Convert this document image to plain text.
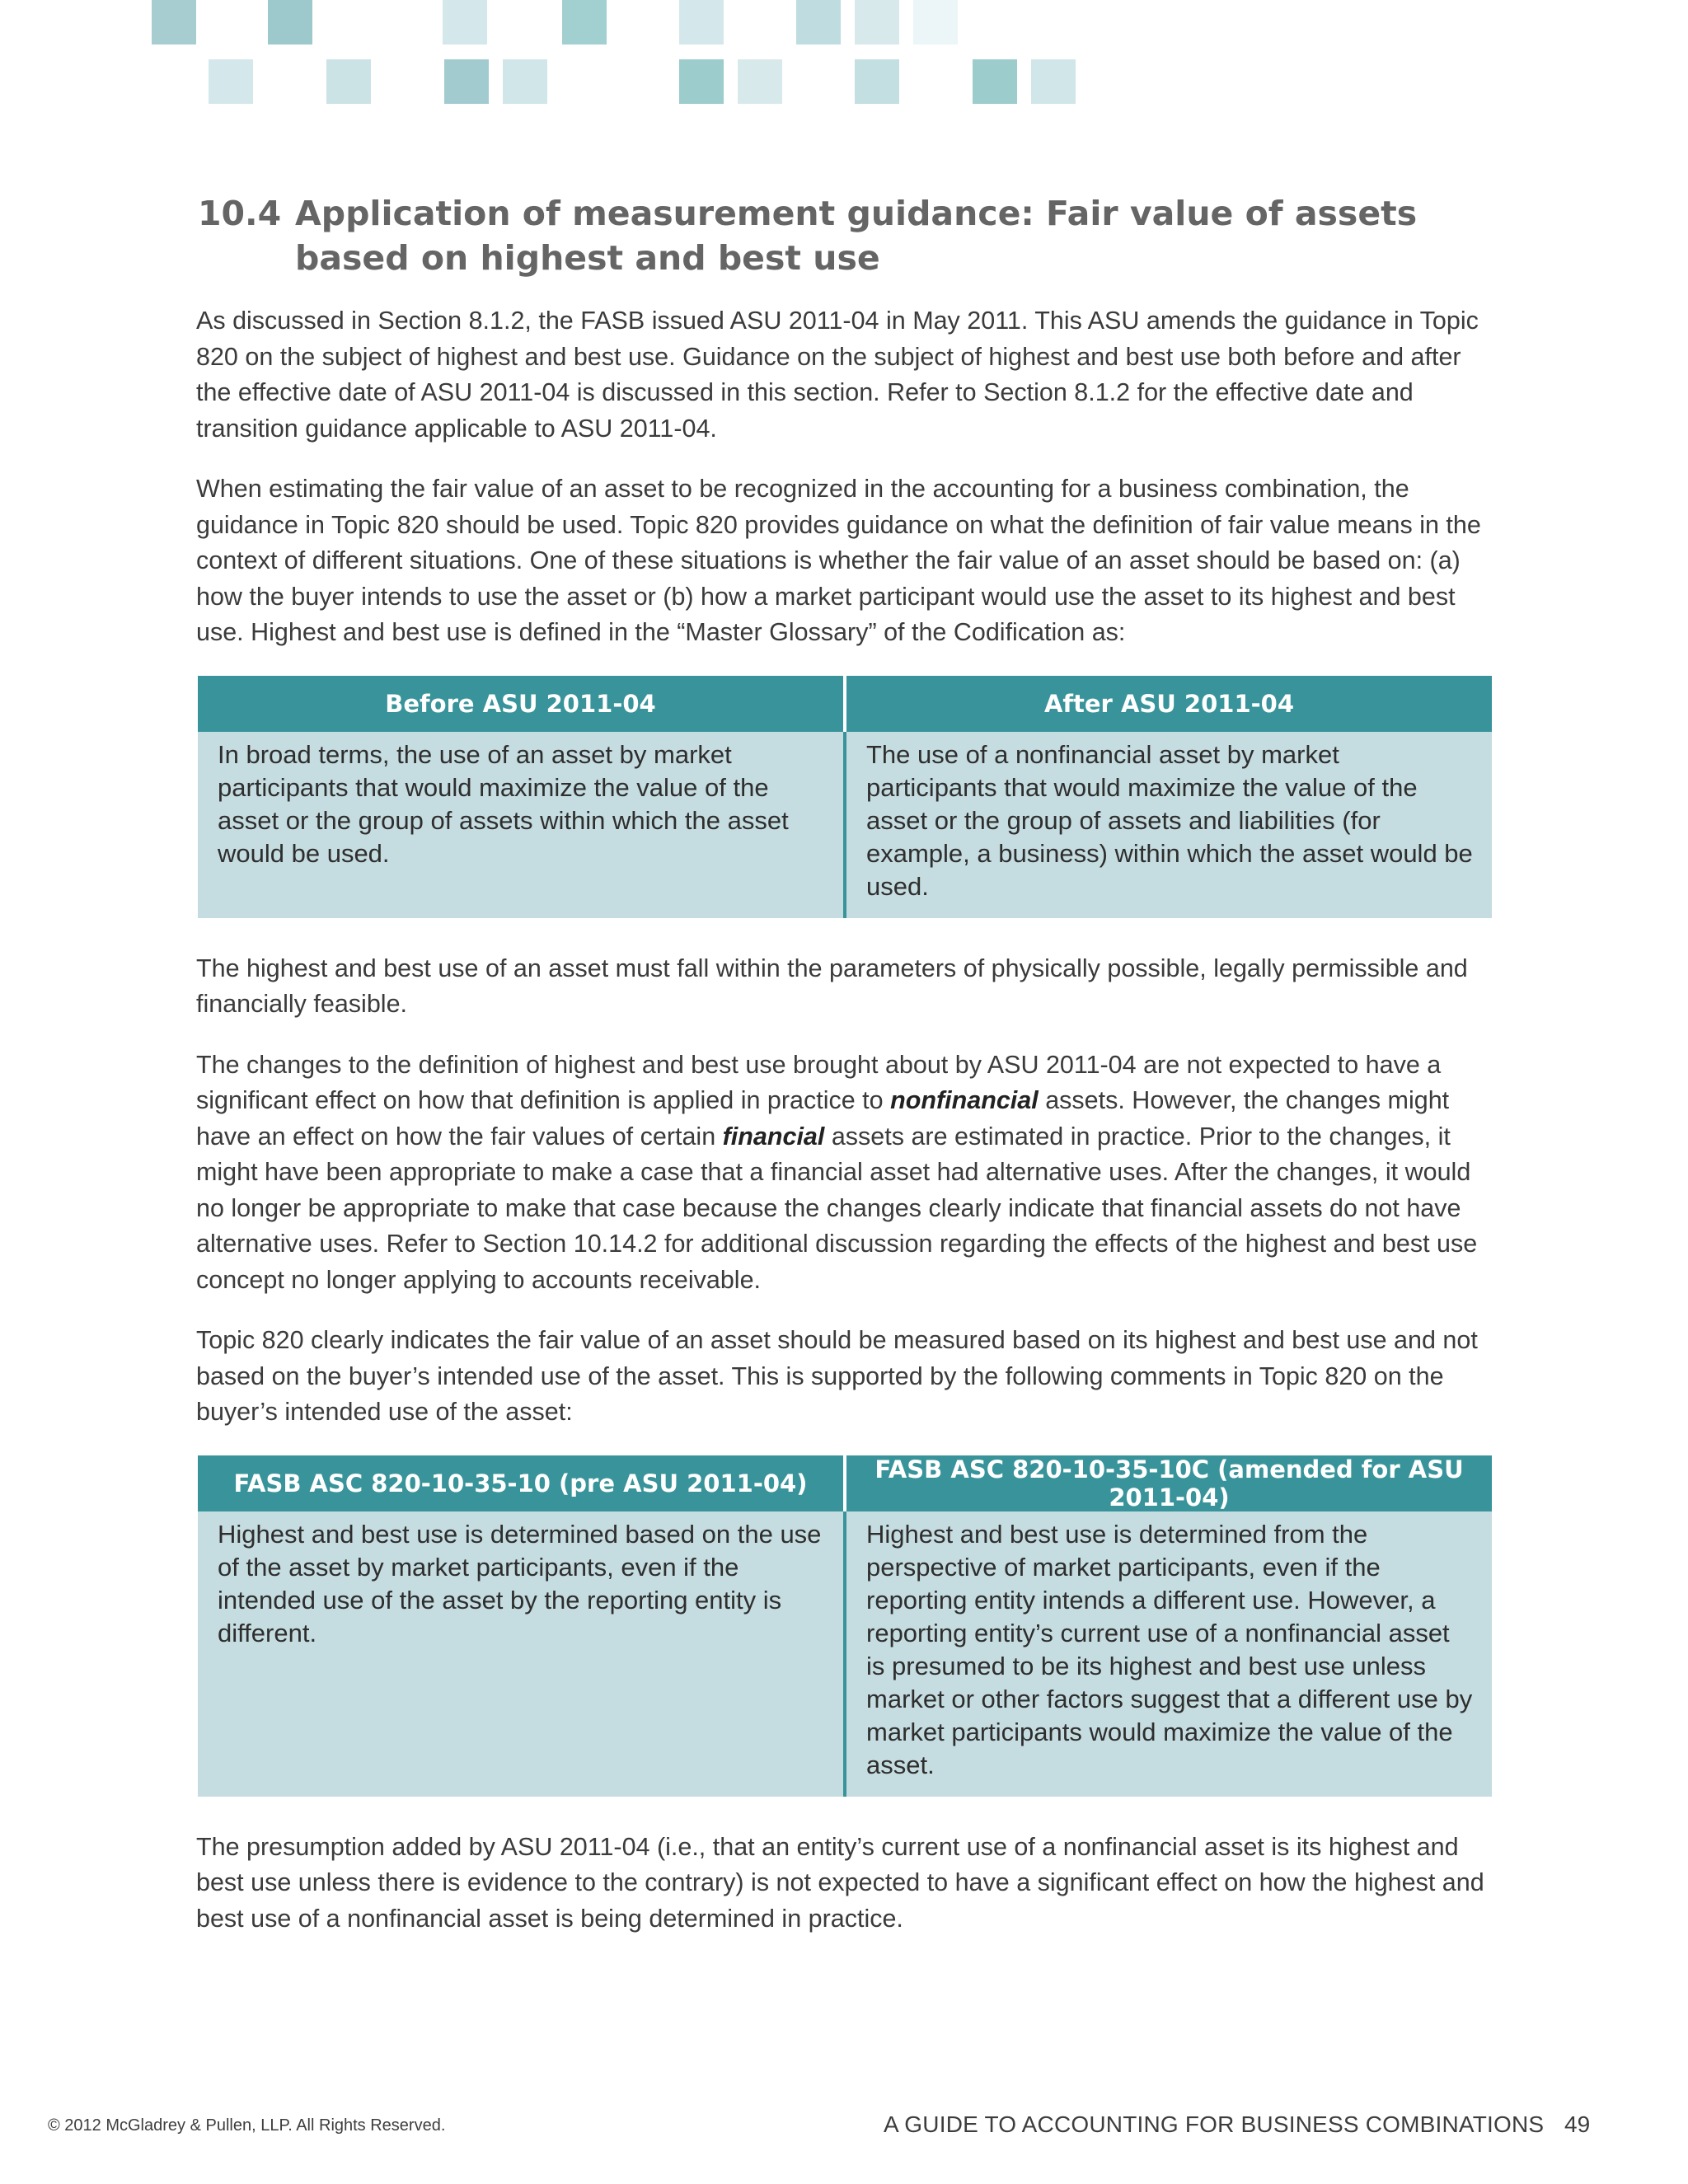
10.4 Application of measurement guidance: Fair value of assets based on highest and best use

As discussed in Section 8.1.2, the FASB issued ASU 2011-04 in May 2011. This ASU amends the guidance in Topic 820 on the subject of highest and best use. Guidance on the subject of highest and best use both before and after the effective date of ASU 2011-04 is discussed in this section. Refer to Section 8.1.2 for the effective date and transition guidance applicable to ASU 2011-04.

When estimating the fair value of an asset to be recognized in the accounting for a business combination, the guidance in Topic 820 should be used. Topic 820 provides guidance on what the definition of fair value means in the context of different situations. One of these situations is whether the fair value of an asset should be based on: (a) how the buyer intends to use the asset or (b) how a market participant would use the asset to its highest and best use. Highest and best use is defined in the “Master Glossary” of the Codification as:

Before ASU 2011-04	After ASU 2011-04
In broad terms, the use of an asset by market participants that would maximize the value of the asset or the group of assets within which the asset would be used.	The use of a nonfinancial asset by market participants that would maximize the value of the asset or the group of assets and liabilities (for example, a business) within which the asset would be used.

The highest and best use of an asset must fall within the parameters of physically possible, legally permissible and financially feasible.

The changes to the definition of highest and best use brought about by ASU 2011-04 are not expected to have a significant effect on how that definition is applied in practice to nonfinancial assets. However, the changes might have an effect on how the fair values of certain financial assets are estimated in practice. Prior to the changes, it might have been appropriate to make a case that a financial asset had alternative uses. After the changes, it would no longer be appropriate to make that case because the changes clearly indicate that financial assets do not have alternative uses. Refer to Section 10.14.2 for additional discussion regarding the effects of the highest and best use concept no longer applying to accounts receivable.

Topic 820 clearly indicates the fair value of an asset should be measured based on its highest and best use and not based on the buyer’s intended use of the asset. This is supported by the following comments in Topic 820 on the buyer’s intended use of the asset:

FASB ASC 820-10-35-10 (pre ASU 2011-04)	FASB ASC 820-10-35-10C (amended for ASU 2011-04)
Highest and best use is determined based on the use of the asset by market participants, even if the intended use of the asset by the reporting entity is different.	Highest and best use is determined from the perspective of market participants, even if the reporting entity intends a different use. However, a reporting entity’s current use of a nonfinancial asset is presumed to be its highest and best use unless market or other factors suggest that a different use by market participants would maximize the value of the asset.

The presumption added by ASU 2011-04 (i.e., that an entity’s current use of a nonfinancial asset is its highest and best use unless there is evidence to the contrary) is not expected to have a significant effect on how the highest and best use of a nonfinancial asset is being determined in practice.

© 2012 McGladrey & Pullen, LLP. All Rights Reserved.	A GUIDE TO ACCOUNTING FOR BUSINESS COMBINATIONS 49
